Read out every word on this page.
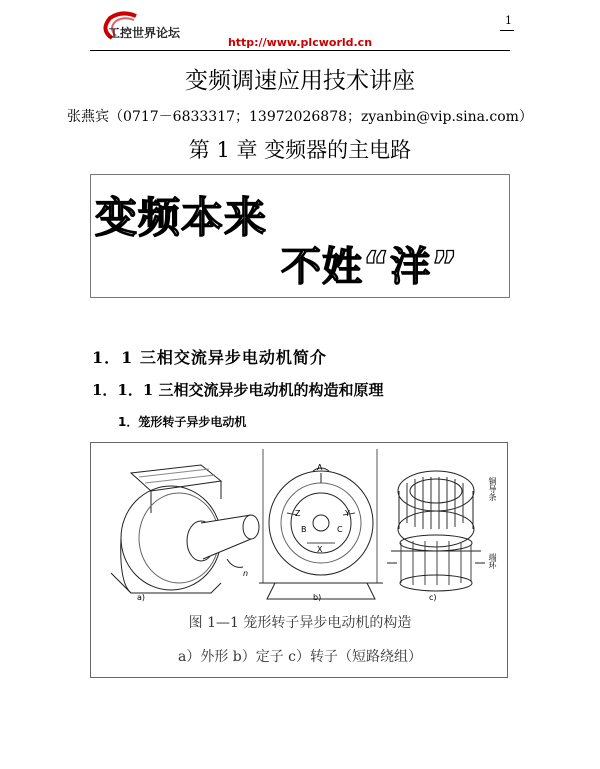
工控世界论坛
1
http://www.plcworld.cn
变频调速应用技术讲座
张燕宾（0717－6833317；13972026878；zyanbin@vip.sina.com）
第 1 章 变频器的主电路
变频本来
不姓“洋”
1．1 三相交流异步电动机简介
1．1．1 三相交流异步电动机的构造和原理
1．笼形转子异步电动机
a)	b)	c)
n
A
Z
X
Y
B	C
铜导条
端环
图 1—1 笼形转子异步电动机的构造
a）外形 b）定子 c）转子（短路绕组）
